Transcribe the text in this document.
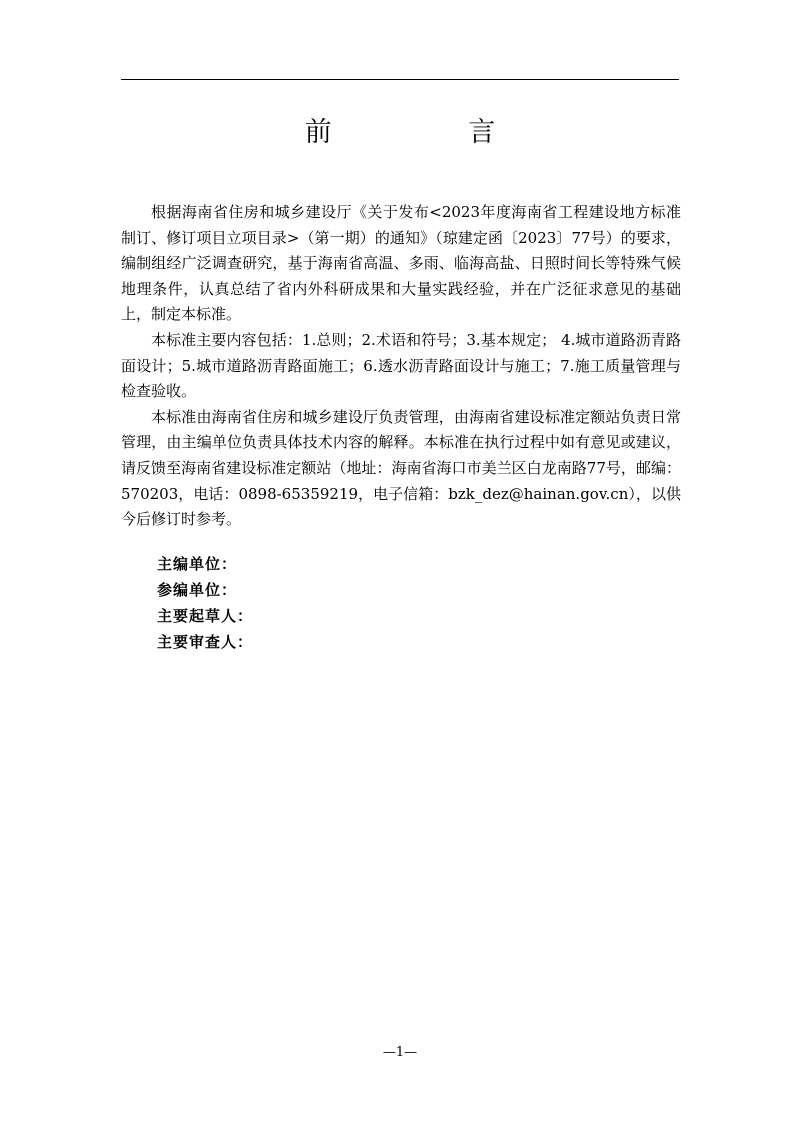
前 言

根据海南省住房和城乡建设厅《关于发布<2023年度海南省工程建设地方标准制订、修订项目立项目录>（第一期）的通知》（琼建定函〔2023〕77号）的要求，编制组经广泛调查研究，基于海南省高温、多雨、临海高盐、日照时间长等特殊气候地理条件，认真总结了省内外科研成果和大量实践经验，并在广泛征求意见的基础上，制定本标准。

本标准主要内容包括：1.总则；2.术语和符号；3.基本规定； 4.城市道路沥青路面设计；5.城市道路沥青路面施工；6.透水沥青路面设计与施工；7.施工质量管理与检查验收。

本标准由海南省住房和城乡建设厅负责管理，由海南省建设标准定额站负责日常管理，由主编单位负责具体技术内容的解释。本标准在执行过程中如有意见或建议，请反馈至海南省建设标准定额站（地址：海南省海口市美兰区白龙南路77号，邮编：570203，电话：0898-65359219，电子信箱：bzk_dez@hainan.gov.cn），以供今后修订时参考。

主编单位：
参编单位：
主要起草人：
主要审查人：
—1—
